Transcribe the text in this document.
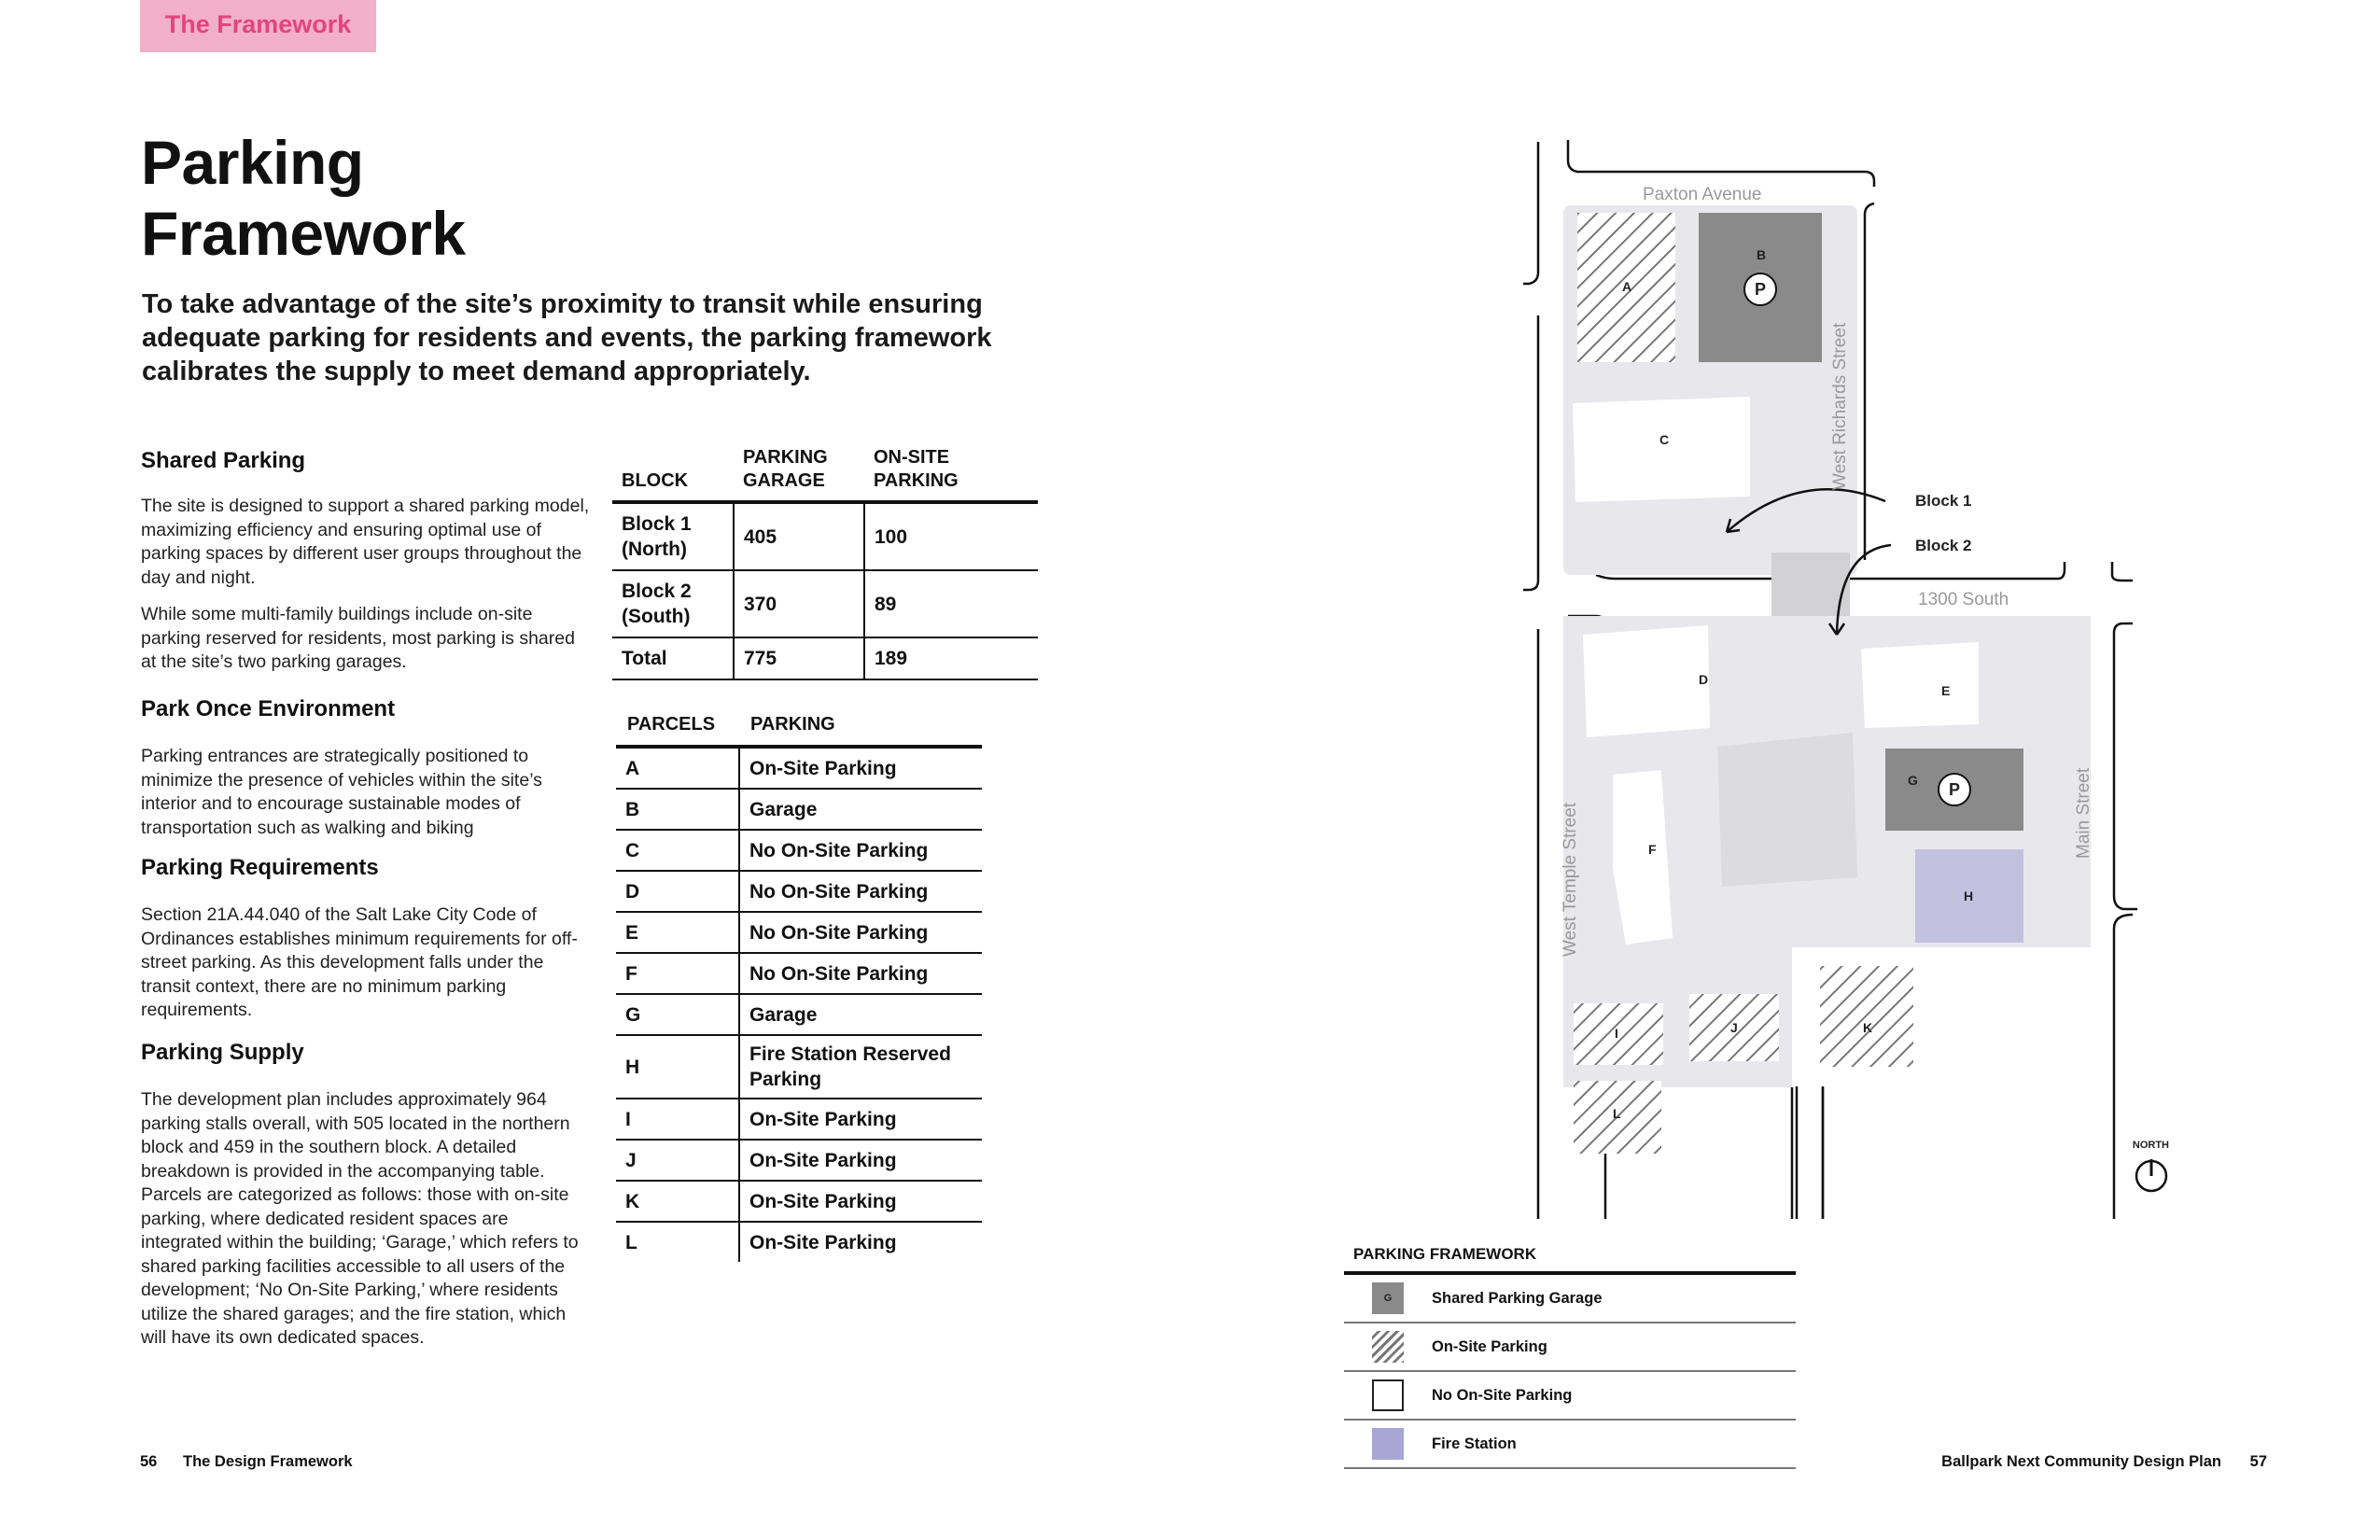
The Framework
Parking
Framework
To take advantage of the site’s proximity to transit while ensuring adequate parking for residents and events, the parking framework calibrates the supply to meet demand appropriately.
Shared Parking

The site is designed to support a shared parking model, maximizing efficiency and ensuring optimal use of parking spaces by different user groups throughout the day and night.

While some multi-family buildings include on-site parking reserved for residents, most parking is shared at the site’s two parking garages.

Park Once Environment

Parking entrances are strategically positioned to minimize the presence of vehicles within the site’s interior and to encourage sustainable modes of transportation such as walking and biking

Parking Requirements

Section 21A.44.040 of the Salt Lake City Code of Ordinances establishes minimum requirements for off-street parking. As this development falls under the transit context, there are no minimum parking requirements.

Parking Supply

The development plan includes approximately 964 parking stalls overall, with 505 located in the northern block and 459 in the southern block. A detailed breakdown is provided in the accompanying table. Parcels are categorized as follows: those with on-site parking, where dedicated resident spaces are integrated within the building; ‘Garage,’ which refers to shared parking facilities accessible to all users of the development; ‘No On-Site Parking,’ where residents utilize the shared garages; and the fire station, which will have its own dedicated spaces.

BLOCK	PARKING GARAGE	ON-SITE PARKING
Block 1 (North)	405	100
Block 2 (South)	370	89
Total	775	189
PARCELS	PARKING
A	On-Site Parking
B	Garage
C	No On-Site Parking
D	No On-Site Parking
E	No On-Site Parking
F	No On-Site Parking
G	Garage
H	Fire Station Reserved Parking
I	On-Site Parking
J	On-Site Parking
K	On-Site Parking
L	On-Site Parking
Paxton Avenue
West Richards Street
1300 South
West Temple Street	Main Street
A
B
P
C
D
E
F
G P
H
I	J	K
L
Block 1
Block 2
NORTH
PARKING FRAMEWORK
G	Shared Parking Garage
On-Site Parking
No On-Site Parking
Fire Station
56 The Design Framework	Ballpark Next Community Design Plan 57
